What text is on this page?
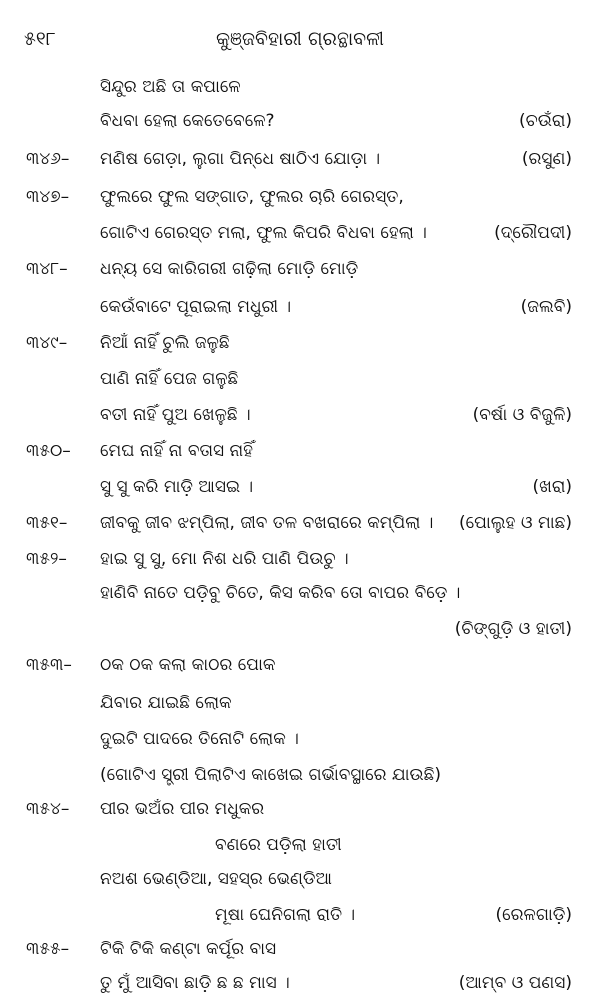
୫୧୮	କୁଞ୍ଜବିହାରୀ ଗ୍ରନ୍ଥାବଳୀ
ସିନ୍ଦୁର ଅଛି ତା କପାଳେ
ବିଧବା ହେଲା କେତେବେଳେ?	(ଚଉଁରା)
୩୪୬– ମଣିଷ ଗେଡ଼ା, ଲୁଗା ପିନ୍ଧେ ଷାଠିଏ ଯୋଡ଼ା ।	(ରସୁଣ)
୩୪୭– ଫୁଲରେ ଫୁଲ ସଙ୍ଗାତ, ଫୁଲର ଚାରି ଗେରସ୍ତ,
ଗୋଟିଏ ଗେରସ୍ତ ମଲା, ଫୁଲ କିପରି ବିଧବା ହେଲା ।	(ଦ୍ରୌପଦୀ)
୩୪୮– ଧନ୍ୟ ସେ କାରିଗରୀ ଗଢ଼ିଲା ମୋଡ଼ି ମୋଡ଼ି
କେଉଁବାଟେ ପୂରାଇଲା ମଧୁରୀ ।	(ଜଲବି)
୩୪୯– ନିଆଁ ନାହିଁ ଚୁଲି ଜଳୁଛି
ପାଣି ନାହିଁ ପେଜ ଗଳୁଛି
ବତୀ ନାହିଁ ପୁଅ ଖେଳୁଛି ।	(ବର୍ଷା ଓ ବିଜୁଳି)
୩୫୦– ମେଘ ନାହିଁ ନା ବତାସ ନାହିଁ
ସୁ ସୁ କରି ମାଡ଼ି ଆସଇ ।	(ଖରା)
୩୫୧– ଜୀବକୁ ଜୀବ ଝମ୍ପିଲା, ଜୀବ ତଳ ବଖରାରେ କମ୍ପିଲା । (ପୋଲୁହ ଓ ମାଛ)
୩୫୨– ହାଇ ସୁ ସୁ, ମୋ ନିଶ ଧରି ପାଣି ପିଉଚୁ ।
ହାଣିବି ନାତେ ପଡ଼ିବୁ ଚିତେ, କିସ କରିବ ତୋ ବାପର ବିଡ଼େ ।
(ଚିଙ୍ଗୁଡ଼ି ଓ ହାତୀ)
୩୫୩– ଠକ ଠକ କଲା କାଠର ପୋକ
ଯିବାର ଯାଇଛି ଲୋକ
ଦୁଇଟି ପାଦରେ ତିନୋଟି ଲୋକ ।
(ଗୋଟିଏ ସ୍ତ୍ରୀ ପିଲାଟିଏ କାଖେଇ ଗର୍ଭାବସ୍ଥାରେ ଯାଉଛି)
୩୫୪– ପୀର ଭଅଁର ପୀର ମଧୁକର
ବଣରେ ପଡ଼ିଲା ହାତୀ
ନଅଶ ଭେଣ୍ଡିଆ, ସହସ୍ର ଭେଣ୍ଡିଆ
ମୂଷା ଘେନିଗଲା ରାତି ।	(ରେଳଗାଡ଼ି)
୩୫୫– ଟିକି ଟିକି କଣ୍ଟା କର୍ପୂର ବାସ
ତୁ ମୁଁ ଆସିବା ଛାଡ଼ି ଛ ଛ ମାସ ।	(ଆମ୍ବ ଓ ପଣସ)
